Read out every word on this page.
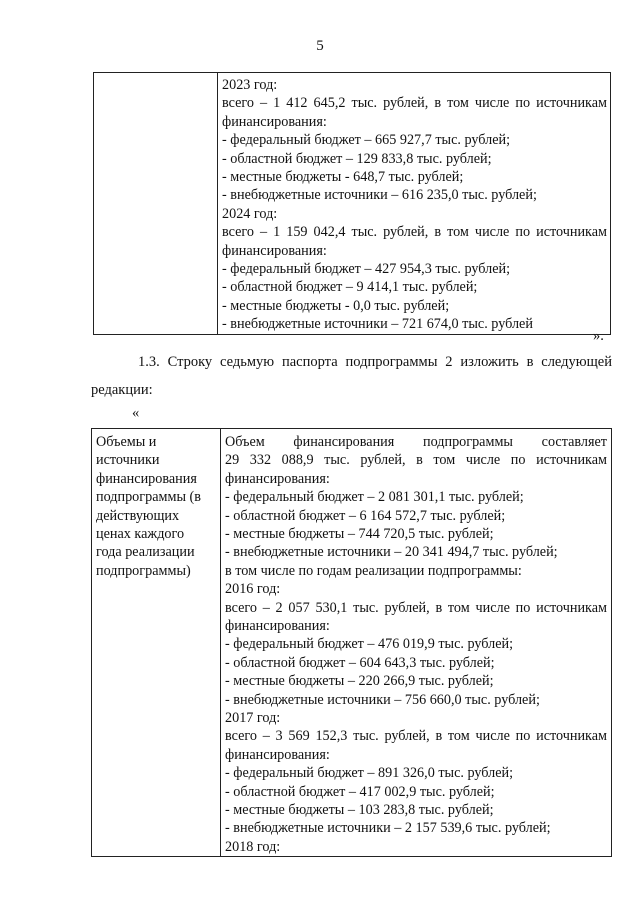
5

2023 год:
всего – 1 412 645,2 тыс. рублей, в том числе по источникам
финансирования:
- федеральный бюджет – 665 927,7 тыс. рублей;
- областной бюджет – 129 833,8 тыс. рублей;
- местные бюджеты - 648,7 тыс. рублей;
- внебюджетные источники – 616 235,0 тыс. рублей;
2024 год:
всего – 1 159 042,4 тыс. рублей, в том числе по источникам
финансирования:
- федеральный бюджет – 427 954,3 тыс. рублей;
- областной бюджет – 9 414,1 тыс. рублей;
- местные бюджеты - 0,0 тыс. рублей;
- внебюджетные источники – 721 674,0 тыс. рублей
».
1.3. Строку седьмую паспорта подпрограммы 2 изложить в следующей
редакции:
«
Объемы и
источники
финансирования
подпрограммы (в
действующих
ценах каждого
года реализации
подпрограммы)

Объем финансирования подпрограммы составляет
29 332 088,9 тыс. рублей, в том числе по источникам
финансирования:
- федеральный бюджет – 2 081 301,1 тыс. рублей;
- областной бюджет – 6 164 572,7 тыс. рублей;
- местные бюджеты – 744 720,5 тыс. рублей;
- внебюджетные источники – 20 341 494,7 тыс. рублей;
в том числе по годам реализации подпрограммы:
2016 год:
всего – 2 057 530,1 тыс. рублей, в том числе по источникам
финансирования:
- федеральный бюджет – 476 019,9 тыс. рублей;
- областной бюджет – 604 643,3 тыс. рублей;
- местные бюджеты – 220 266,9 тыс. рублей;
- внебюджетные источники – 756 660,0 тыс. рублей;
2017 год:
всего – 3 569 152,3 тыс. рублей, в том числе по источникам
финансирования:
- федеральный бюджет – 891 326,0 тыс. рублей;
- областной бюджет – 417 002,9 тыс. рублей;
- местные бюджеты – 103 283,8 тыс. рублей;
- внебюджетные источники – 2 157 539,6 тыс. рублей;
2018 год:
